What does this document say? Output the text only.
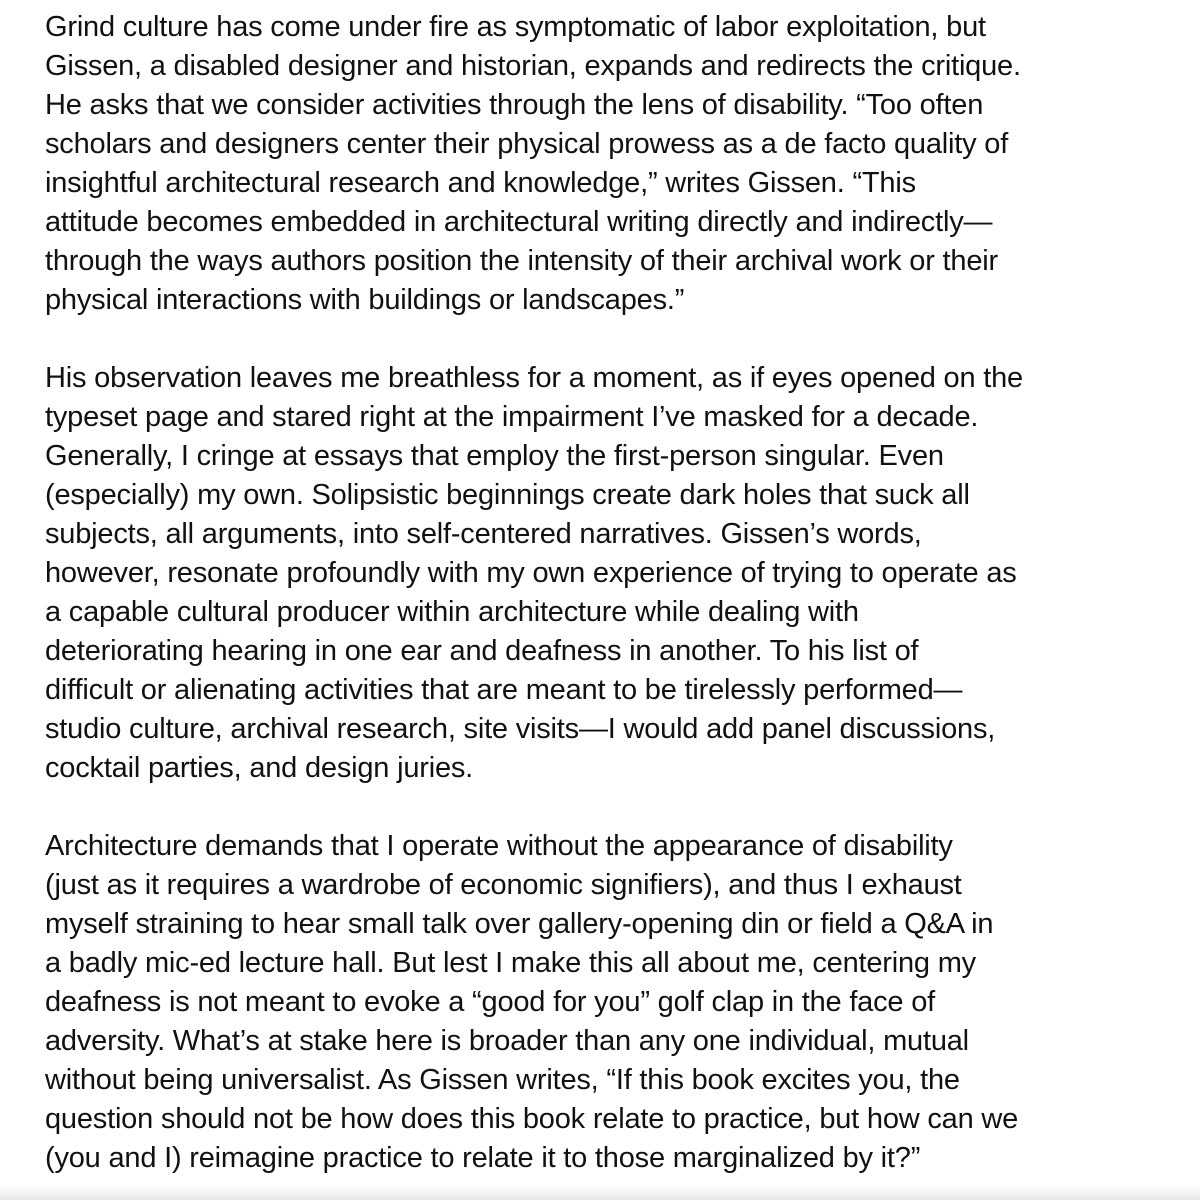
Grind culture has come under fire as symptomatic of labor exploitation, but
Gissen, a disabled designer and historian, expands and redirects the critique.
He asks that we consider activities through the lens of disability. “Too often
scholars and designers center their physical prowess as a de facto quality of
insightful architectural research and knowledge,” writes Gissen. “This
attitude becomes embedded in architectural writing directly and indirectly—
through the ways authors position the intensity of their archival work or their
physical interactions with buildings or landscapes.”

His observation leaves me breathless for a moment, as if eyes opened on the
typeset page and stared right at the impairment I’ve masked for a decade.
Generally, I cringe at essays that employ the first-person singular. Even
(especially) my own. Solipsistic beginnings create dark holes that suck all
subjects, all arguments, into self-centered narratives. Gissen’s words,
however, resonate profoundly with my own experience of trying to operate as
a capable cultural producer within architecture while dealing with
deteriorating hearing in one ear and deafness in another. To his list of
difficult or alienating activities that are meant to be tirelessly performed—
studio culture, archival research, site visits—I would add panel discussions,
cocktail parties, and design juries.

Architecture demands that I operate without the appearance of disability
(just as it requires a wardrobe of economic signifiers), and thus I exhaust
myself straining to hear small talk over gallery-opening din or field a Q&A in
a badly mic-ed lecture hall. But lest I make this all about me, centering my
deafness is not meant to evoke a “good for you” golf clap in the face of
adversity. What’s at stake here is broader than any one individual, mutual
without being universalist. As Gissen writes, “If this book excites you, the
question should not be how does this book relate to practice, but how can we
(you and I) reimagine practice to relate it to those marginalized by it?”
